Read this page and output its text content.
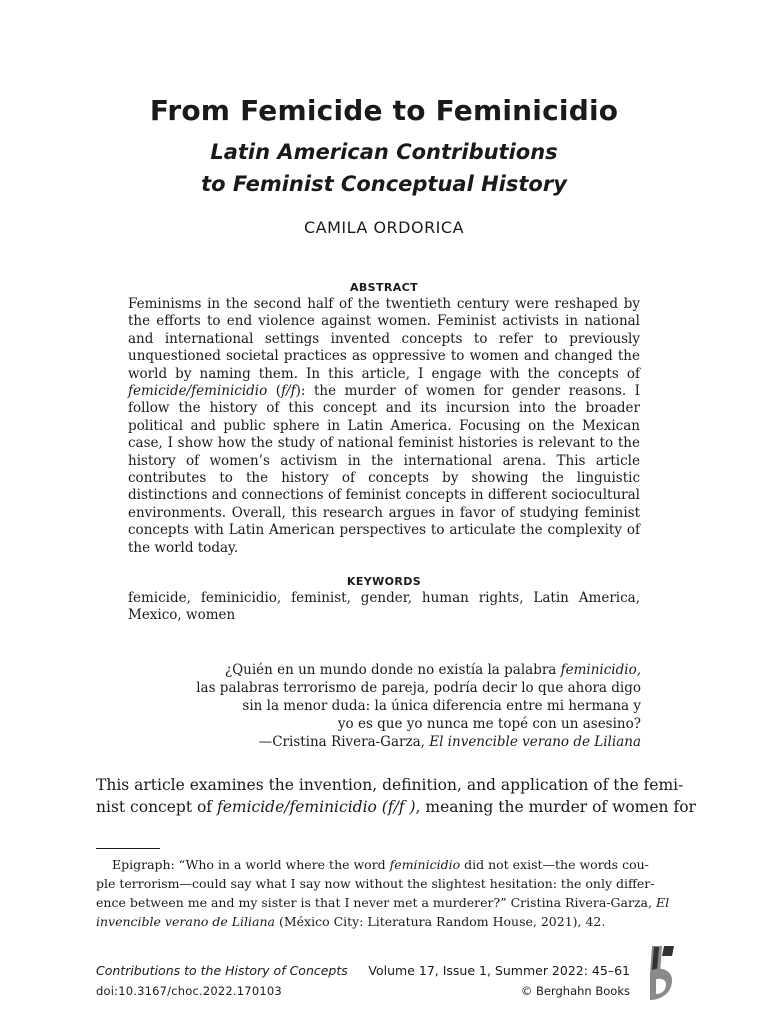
From Femicide to Feminicidio
Latin American Contributions
to Feminist Conceptual History
CAMILA ORDORICA
ABSTRACT

Feminisms in the second half of the twentieth century were reshaped by the efforts to end violence against women. Feminist activists in national and international settings invented concepts to refer to previously unquestioned societal practices as oppressive to women and changed the world by naming them. In this article, I engage with the concepts of femicide/feminicidio (f/f): the murder of women for gender reasons. I follow the history of this concept and its incursion into the broader political and public sphere in Latin America. Focusing on the Mexican case, I show how the study of national feminist histories is relevant to the history of women’s activism in the international arena. This article contributes to the history of concepts by showing the linguistic distinctions and connections of feminist concepts in different sociocultural environments. Overall, this research argues in favor of studying feminist concepts with Latin American perspectives to articulate the complexity of the world today.

KEYWORDS

femicide, feminicidio, feminist, gender, human rights, Latin America, Mexico, women

¿Quién en un mundo donde no existía la palabra feminicidio,
las palabras terrorismo de pareja, podría decir lo que ahora digo
sin la menor duda: la única diferencia entre mi hermana y
yo es que yo nunca me topé con un asesino?
—Cristina Rivera-Garza, El invencible verano de Liliana
This article examines the invention, definition, and application of the femi-
nist concept of femicide/feminicidio (f/f ), meaning the murder of women for
Epigraph: “Who in a world where the word feminicidio did not exist—the words cou-
ple terrorism—could say what I say now without the slightest hesitation: the only differ-
ence between me and my sister is that I never met a murderer?” Cristina Rivera-Garza, El
invencible verano de Liliana (México City: Literatura Random House, 2021), 42.
Contributions to the History of Concepts
doi:10.3167/choc.2022.170103
Volume 17, Issue 1, Summer 2022: 45–61
© Berghahn Books
